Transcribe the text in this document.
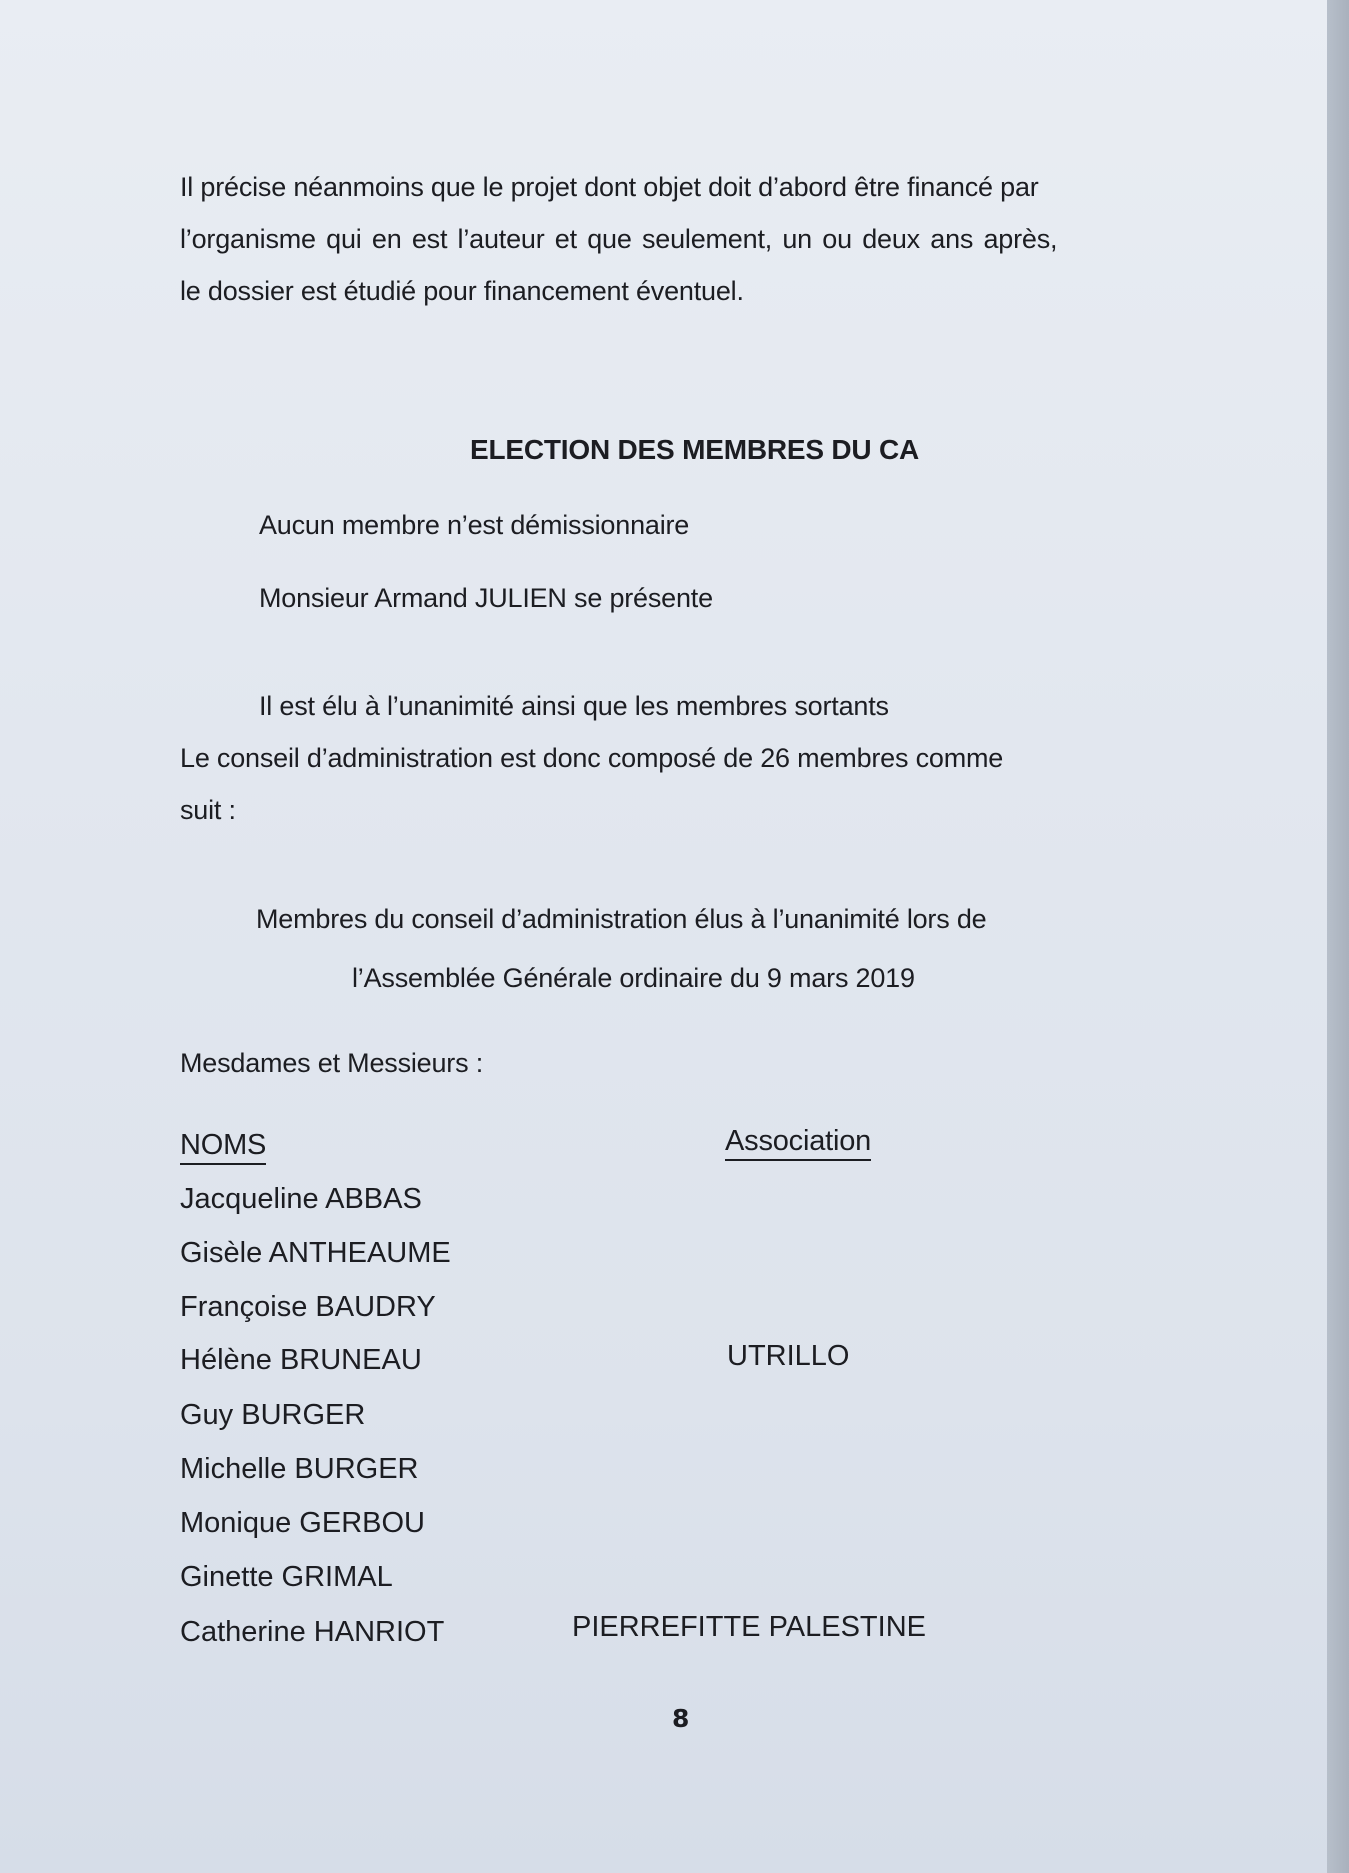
Il précise néanmoins que le projet dont objet doit d’abord être financé par
l’organisme qui en est l’auteur et que seulement, un ou deux ans après,
le dossier est étudié pour financement éventuel.
ELECTION DES MEMBRES DU CA
Aucun membre n’est démissionnaire
Monsieur Armand JULIEN se présente
Il est élu à l’unanimité ainsi que les membres sortants
Le conseil d’administration est donc composé de 26 membres comme
suit :
Membres du conseil d’administration élus à l’unanimité lors de
l’Assemblée Générale ordinaire du 9 mars 2019
Mesdames et Messieurs :
NOMS	Association
Jacqueline ABBAS
Gisèle ANTHEAUME
Françoise BAUDRY
Hélène BRUNEAU	UTRILLO
Guy BURGER
Michelle BURGER
Monique GERBOU
Ginette GRIMAL
Catherine HANRIOT	PIERREFITTE PALESTINE
8
